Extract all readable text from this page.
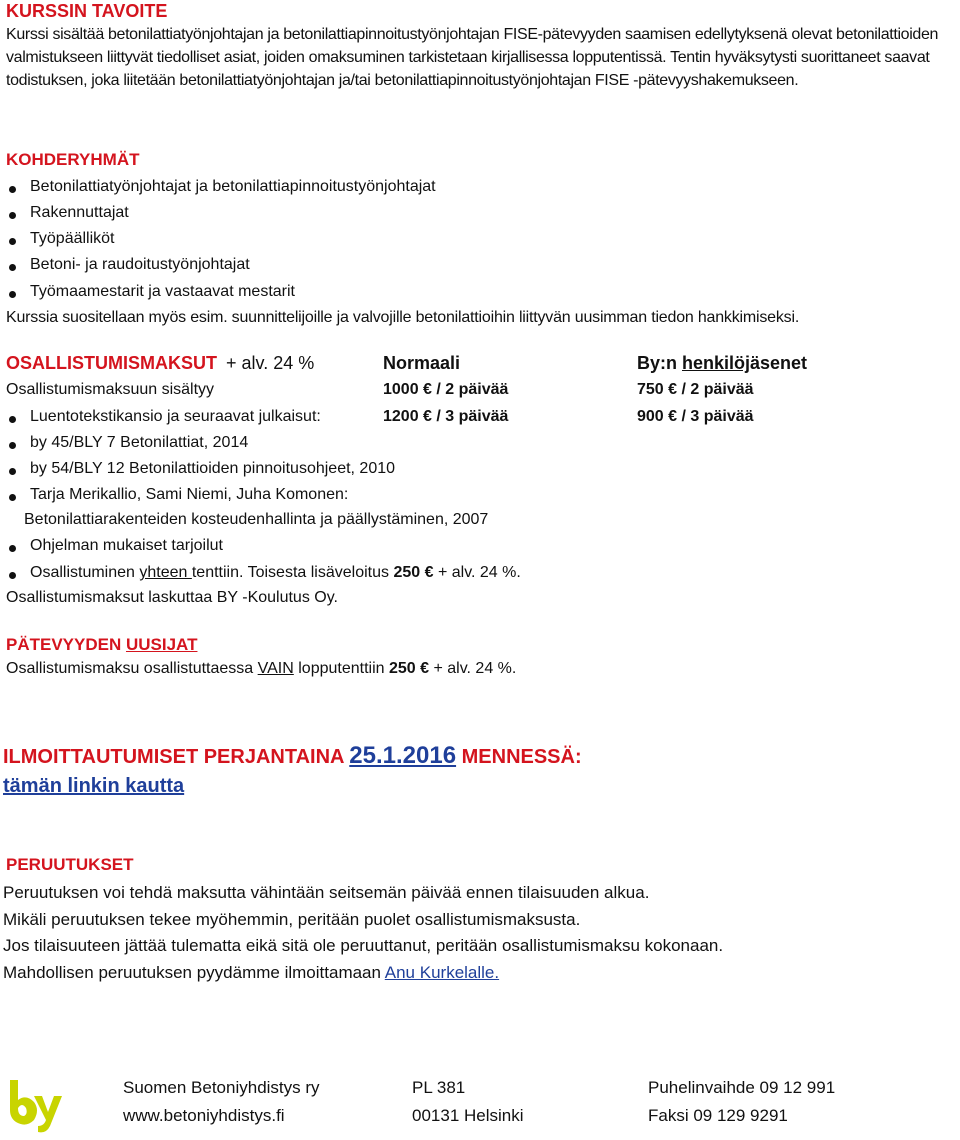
KURSSIN TAVOITE
Kurssi sisältää betonilattiatyönjohtajan ja betonilattiapinnoitustyönjohtajan FISE-pätevyyden saamisen edellytyksenä olevat betonilattioiden valmistukseen liittyvät tiedolliset asiat, joiden omaksuminen tarkistetaan kirjallisessa lopputentissä. Tentin hyväksytysti suorittaneet saavat todistuksen, joka liitetään betonilattiatyönjohtajan ja/tai betonilattiapinnoitustyönjohtajan FISE -pätevyyshakemukseen.
KOHDERYHMÄT
Betonilattiatyönjohtajat ja betonilattiapinnoitustyönjohtajat
Rakennuttajat
Työpäälliköt
Betoni- ja raudoitustyönjohtajat
Työmaamestarit ja vastaavat mestarit
Kurssia suositellaan myös esim. suunnittelijoille ja valvojille betonilattioihin liittyvän uusimman tiedon hankkimiseksi.
OSALLISTUMISMAKSUT + alv. 24 %	Normaali	By:n henkilöjäsenet
Osallistumismaksuun sisältyy	1000 € / 2 päivää	750 € / 2 päivää
Luentotekstikansio ja seuraavat julkaisut:	1200 € / 3 päivää	900 € / 3 päivää
by 45/BLY 7 Betonilattiat, 2014
by 54/BLY 12 Betonilattioiden pinnoitusohjeet, 2010
Tarja Merikallio, Sami Niemi, Juha Komonen:
Betonilattiarakenteiden kosteudenhallinta ja päällystäminen, 2007
Ohjelman mukaiset tarjoilut
Osallistuminen yhteen tenttiin. Toisesta lisäveloitus 250 € + alv. 24 %.
Osallistumismaksut laskuttaa BY -Koulutus Oy.
PÄTEVYYDEN UUSIJAT
Osallistumismaksu osallistuttaessa VAIN lopputenttiin 250 € + alv. 24 %.
ILMOITTAUTUMISET PERJANTAINA 25.1.2016 MENNESSÄ:
tämän linkin kautta
PERUUTUKSET
Peruutuksen voi tehdä maksutta vähintään seitsemän päivää ennen tilaisuuden alkua.
Mikäli peruutuksen tekee myöhemmin, peritään puolet osallistumismaksusta.
Jos tilaisuuteen jättää tulematta eikä sitä ole peruuttanut, peritään osallistumismaksu kokonaan.
Mahdollisen peruutuksen pyydämme ilmoittamaan Anu Kurkelalle.
Suomen Betoniyhdistys ry
www.betoniyhdistys.fi
PL 381
00131 Helsinki
Puhelinvaihde 09 12 991
Faksi 09 129 9291
